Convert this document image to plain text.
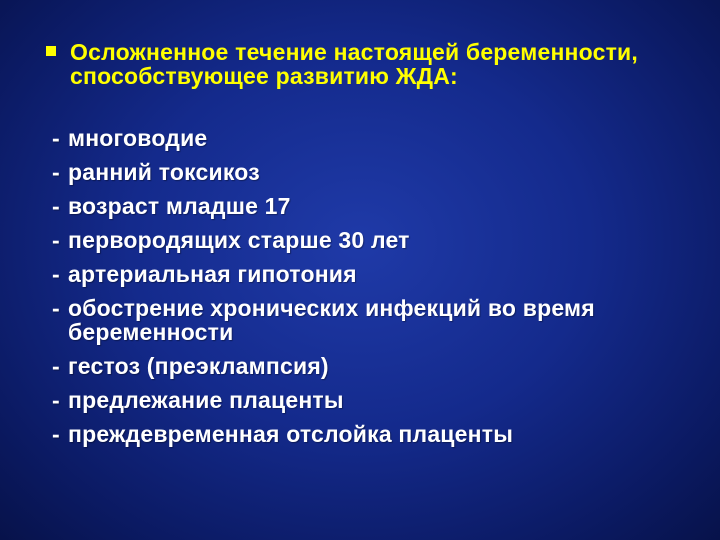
Осложненное течение настоящей беременности, способствующее развитию ЖДА:
- многоводие
- ранний токсикоз
- возраст младше 17
- первородящих старше 30 лет
- артериальная гипотония
- обострение хронических инфекций во время беременности
- гестоз (преэклампсия)
- предлежание плаценты
- преждевременная отслойка плаценты
